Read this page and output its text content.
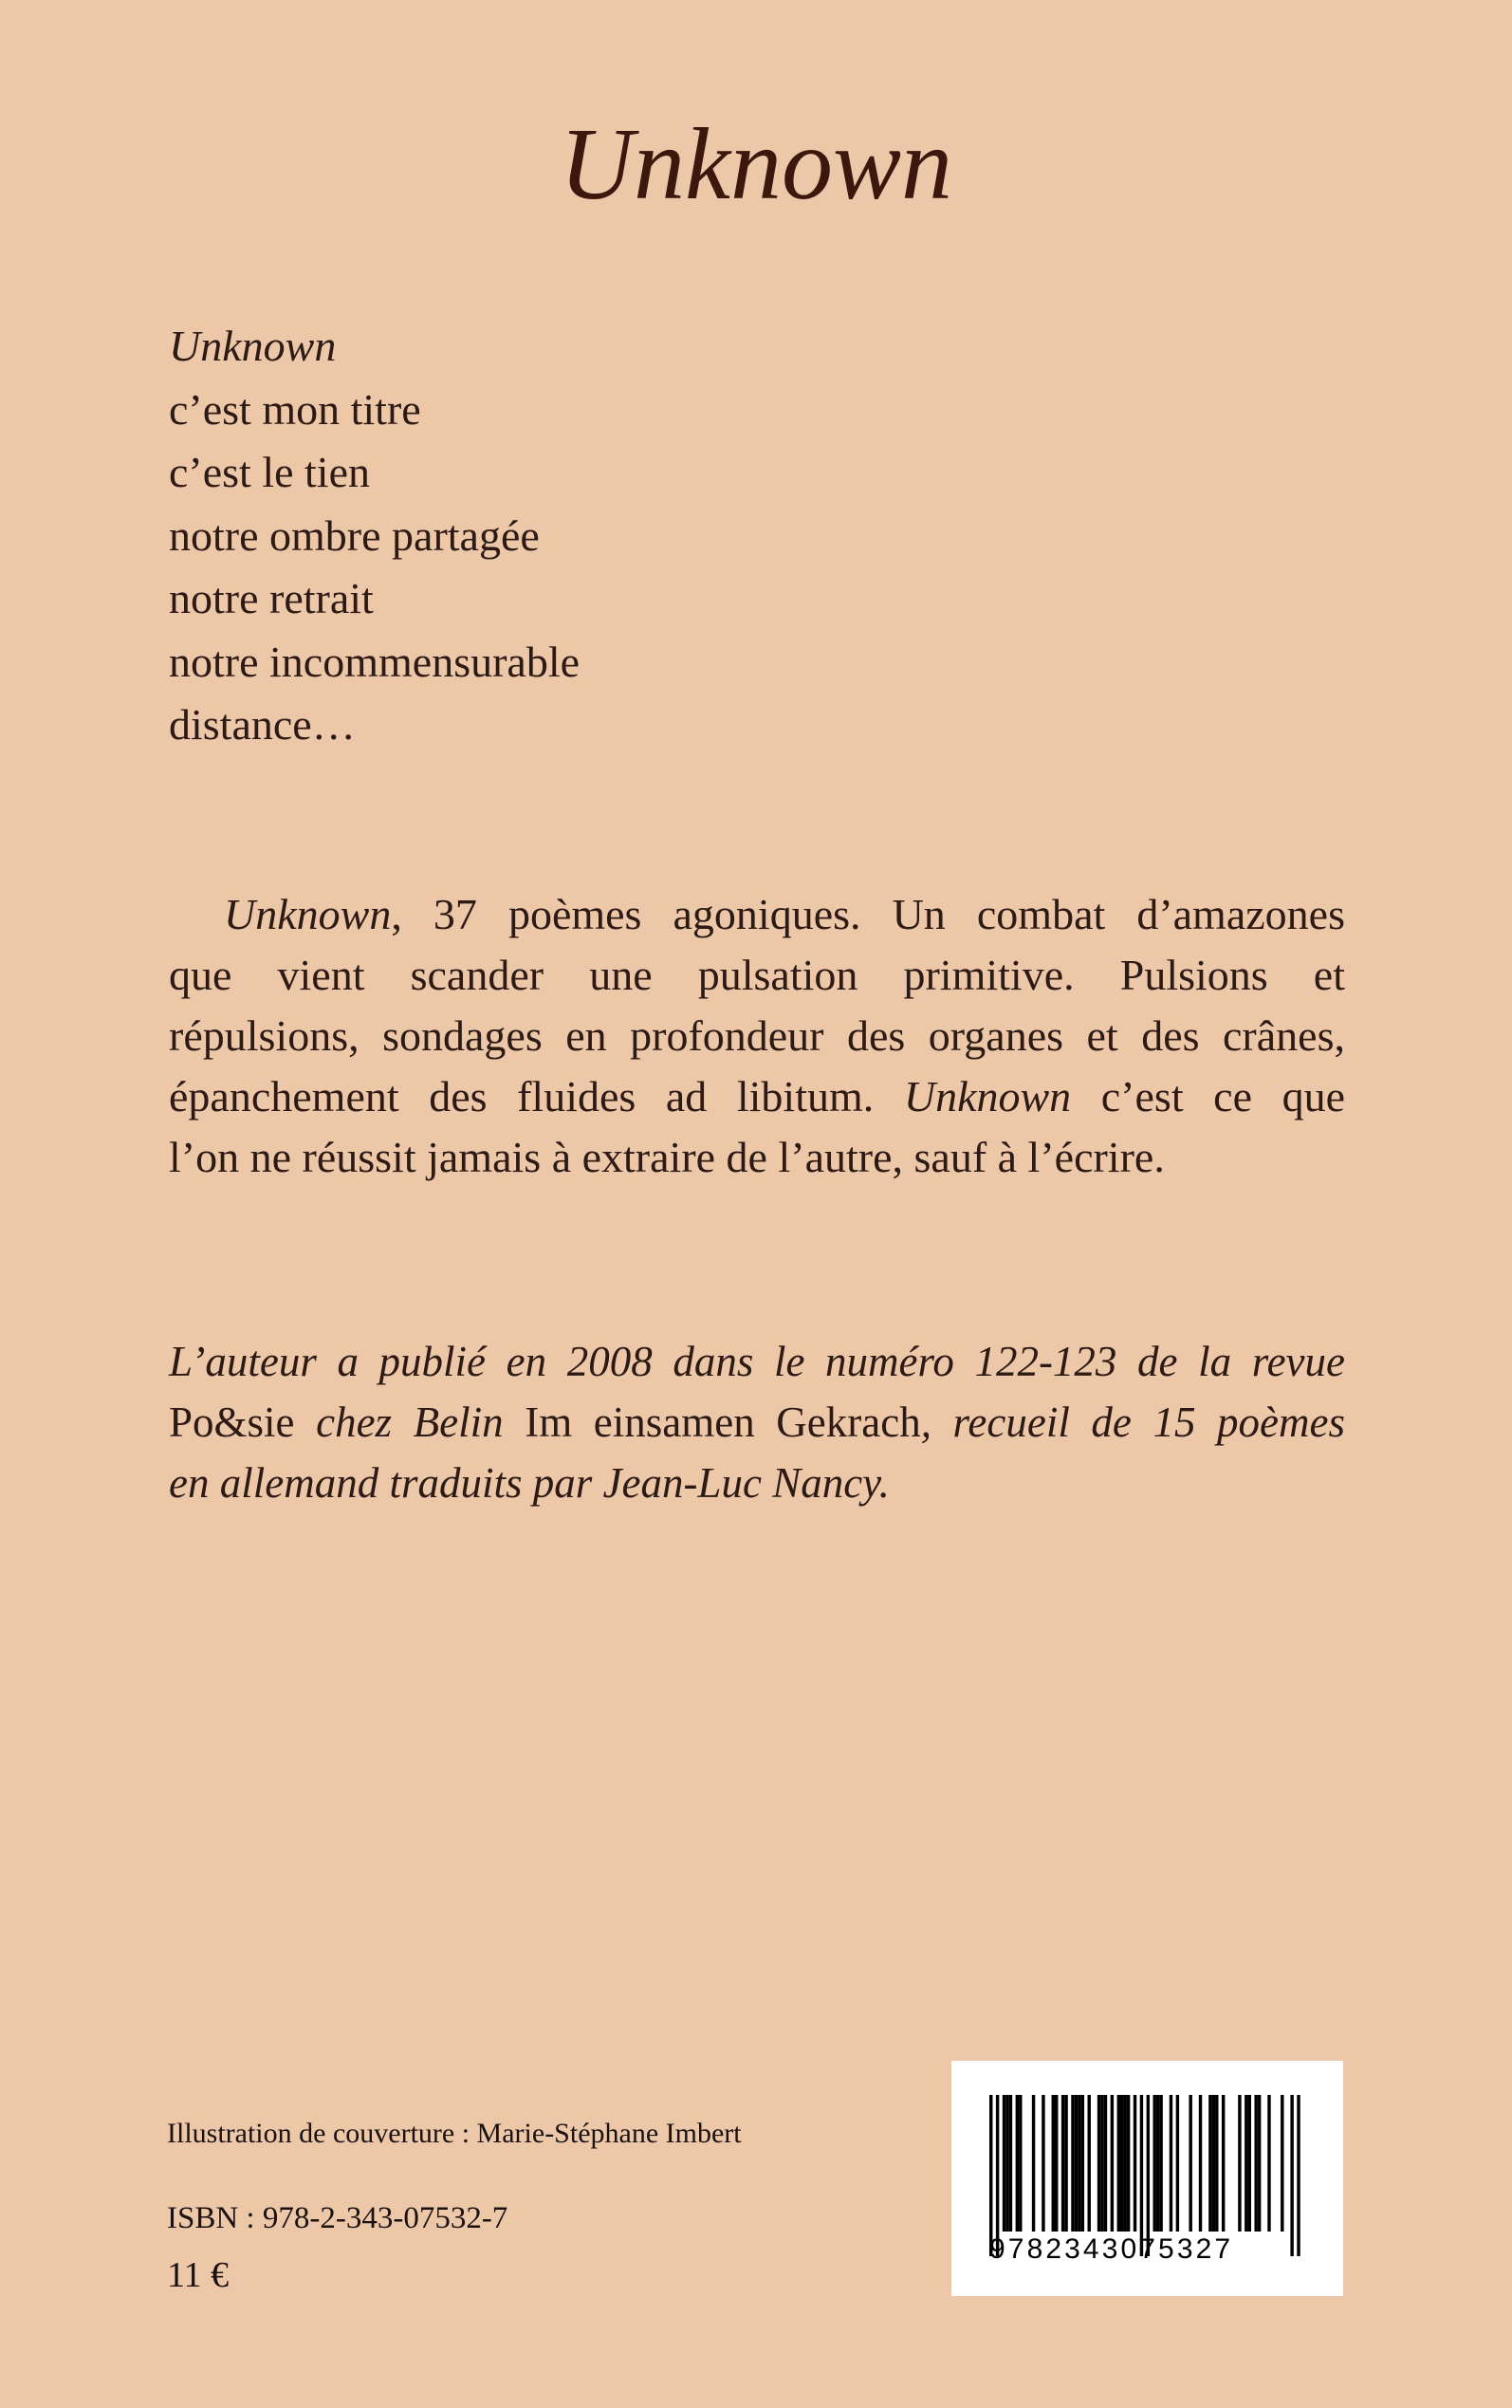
Unknown
Unknown
c’est mon titre
c’est le tien
notre ombre partagée
notre retrait
notre incommensurable
distance…
Unknown, 37 poèmes agoniques. Un combat d’amazones
que vient scander une pulsation primitive. Pulsions et
répulsions, sondages en profondeur des organes et des crânes,
épanchement des fluides ad libitum. Unknown c’est ce que
l’on ne réussit jamais à extraire de l’autre, sauf à l’écrire.
L’auteur a publié en 2008 dans le numéro 122-123 de la revue
Po&sie chez Belin Im einsamen Gekrach, recueil de 15 poèmes
en allemand traduits par Jean-Luc Nancy.
Illustration de couverture : Marie-Stéphane Imbert
ISBN : 978-2-343-07532-7
11 €
9782343075327
